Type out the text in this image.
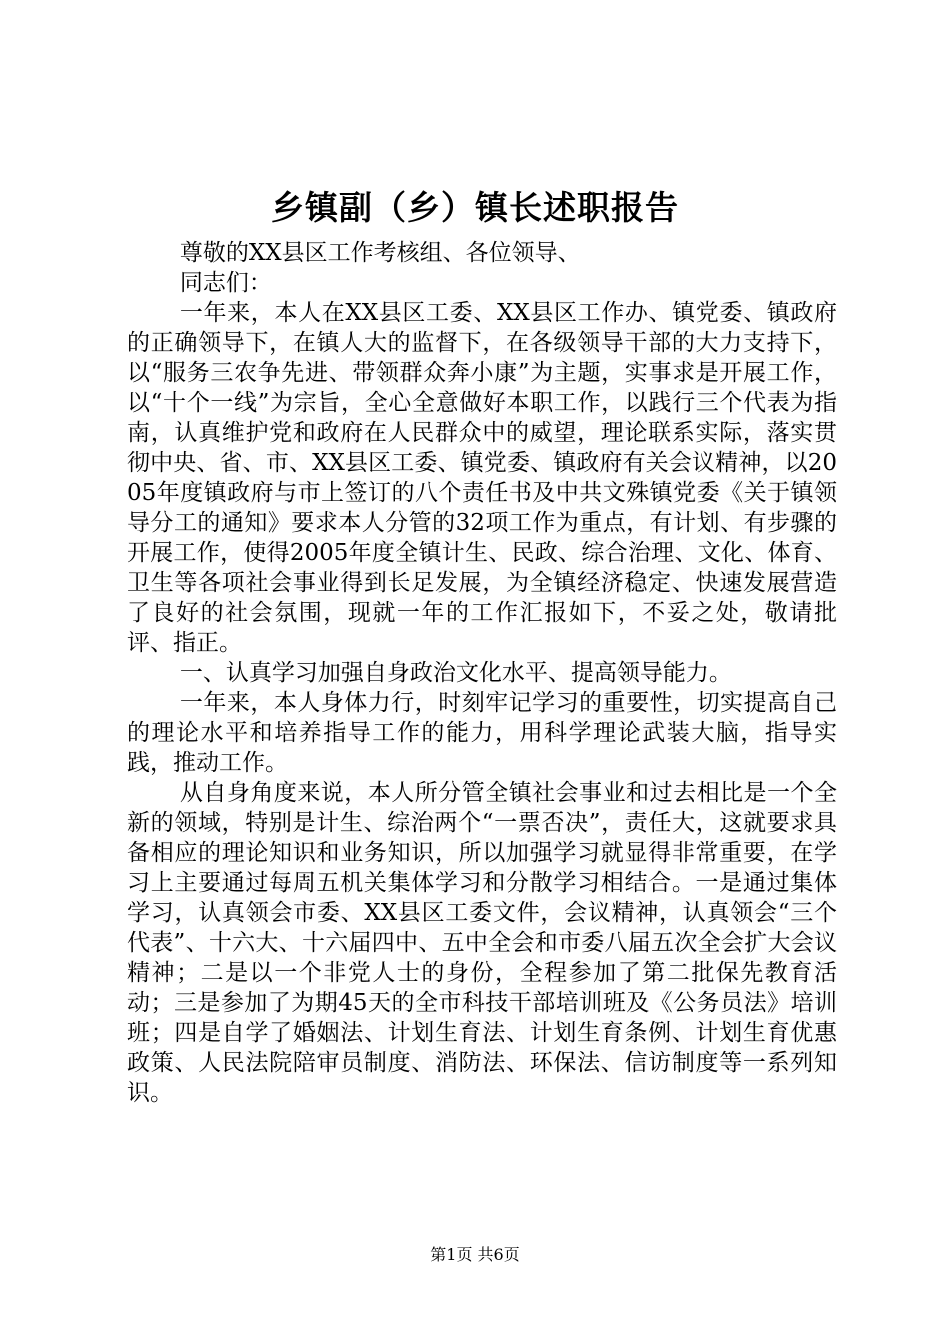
乡镇副（乡）镇长述职报告

尊敬的XX县区工作考核组、各位领导、

同志们：

一年来，本人在XX县区工委、XX县区工作办、镇党委、镇政府的正确领导下，在镇人大的监督下，在各级领导干部的大力支持下，以“服务三农争先进、带领群众奔小康”为主题，实事求是开展工作，以“十个一线”为宗旨，全心全意做好本职工作，以践行三个代表为指南，认真维护党和政府在人民群众中的威望，理论联系实际，落实贯彻中央、省、市、XX县区工委、镇党委、镇政府有关会议精神，以2005年度镇政府与市上签订的八个责任书及中共文殊镇党委《关于镇领导分工的通知》要求本人分管的32项工作为重点，有计划、有步骤的开展工作，使得2005年度全镇计生、民政、综合治理、文化、体育、卫生等各项社会事业得到长足发展，为全镇经济稳定、快速发展营造了良好的社会氛围，现就一年的工作汇报如下，不妥之处，敬请批评、指正。

一、认真学习加强自身政治文化水平、提高领导能力。

一年来，本人身体力行，时刻牢记学习的重要性，切实提高自己的理论水平和培养指导工作的能力，用科学理论武装大脑，指导实践，推动工作。

从自身角度来说，本人所分管全镇社会事业和过去相比是一个全新的领域，特别是计生、综治两个“一票否决”，责任大，这就要求具备相应的理论知识和业务知识，所以加强学习就显得非常重要，在学习上主要通过每周五机关集体学习和分散学习相结合。一是通过集体学习，认真领会市委、XX县区工委文件，会议精神，认真领会“三个代表”、十六大、十六届四中、五中全会和市委八届五次全会扩大会议精神；二是以一个非党人士的身份，全程参加了第二批保先教育活动；三是参加了为期45天的全市科技干部培训班及《公务员法》培训班；四是自学了婚姻法、计划生育法、计划生育条例、计划生育优惠政策、人民法院陪审员制度、消防法、环保法、信访制度等一系列知识。

第1页 共6页
